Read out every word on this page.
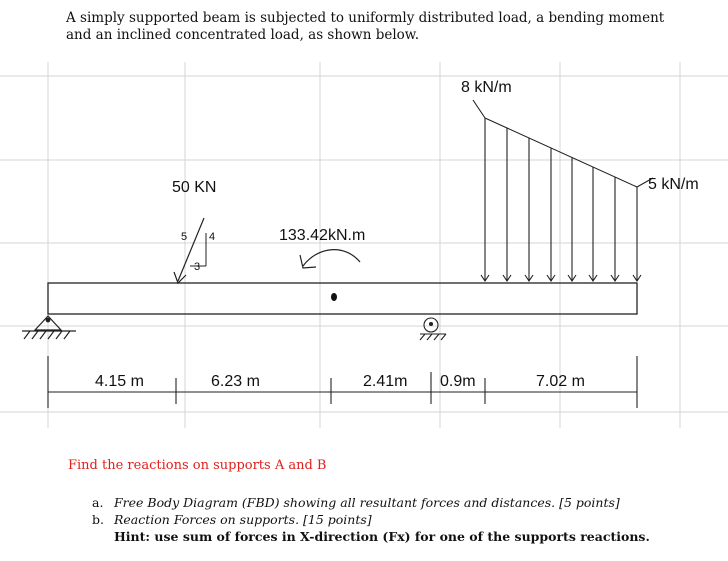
A simply supported beam is subjected to uniformly distributed load, a bending moment and an inclined concentrated load, as shown below.
50 KN
5 4
3
133.42kN.m
8 kN/m
5 kN/m
4.15 m	6.23 m	2.41m 0.9m	7.02 m
Find the reactions on supports A and B
a. Free Body Diagram (FBD) showing all resultant forces and distances. [5 points]
b. Reaction Forces on supports. [15 points]
Hint: use sum of forces in X-direction (Fx) for one of the supports reactions.
